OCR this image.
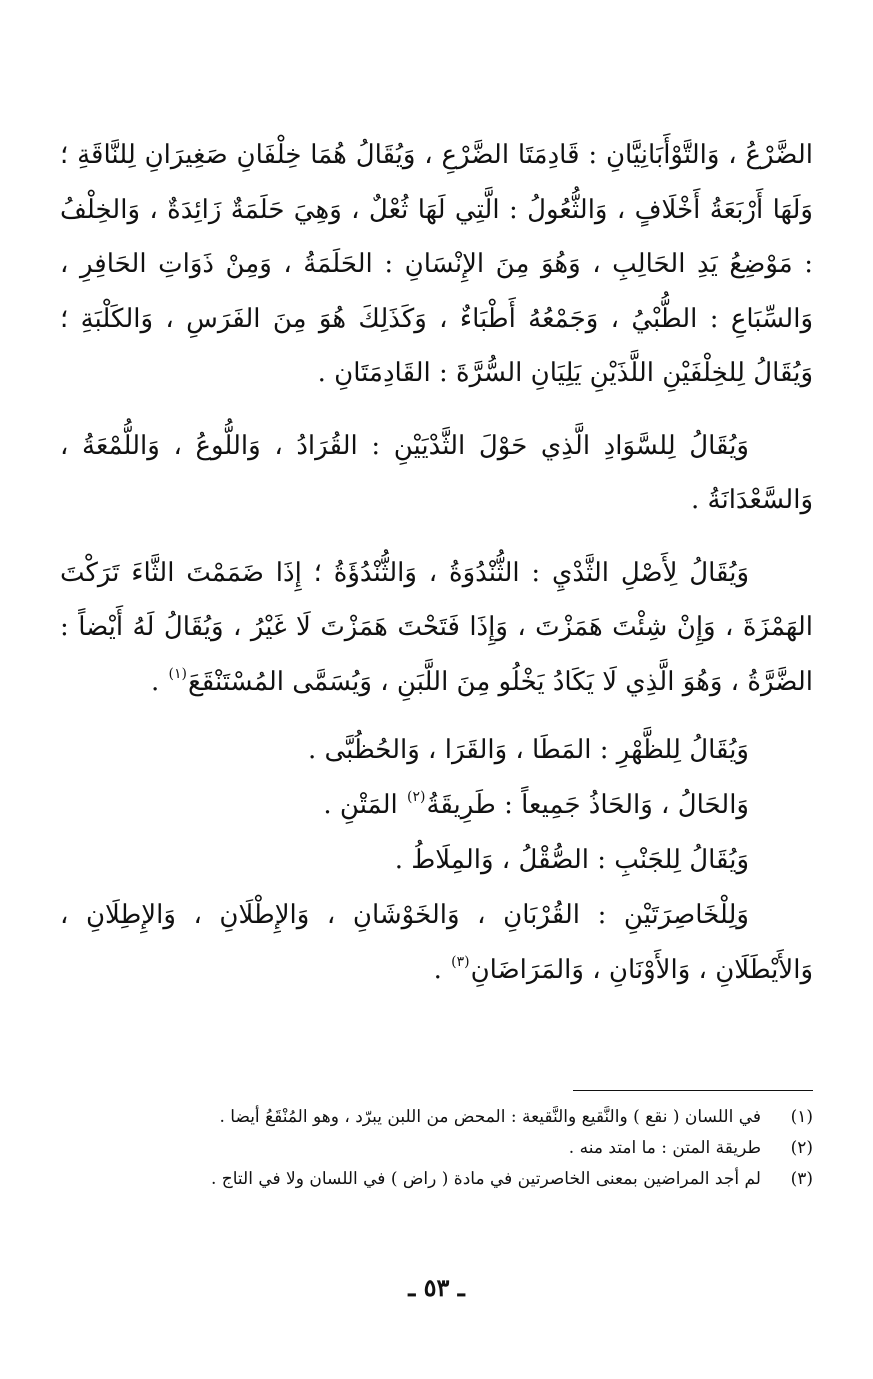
الضَّرْعُ ، وَالتَّوْأَبَانِيَّانِ : قَادِمَتَا الضَّرْعِ ، وَيُقَالُ هُمَا خِلْفَانِ صَغِيرَانِ لِلنَّاقَةِ ؛ وَلَهَا أَرْبَعَةُ أَخْلَافٍ ، وَالثُّعُولُ : الَّتِي لَهَا ثُعْلٌ ، وَهِيَ حَلَمَةٌ زَائِدَةٌ ، وَالخِلْفُ : مَوْضِعُ يَدِ الحَالِبِ ، وَهُوَ مِنَ الإِنْسَانِ : الحَلَمَةُ ، وَمِنْ ذَوَاتِ الحَافِرِ ، وَالسِّبَاعِ : الطُّبْيُ ، وَجَمْعُهُ أَطْبَاءٌ ، وَكَذَلِكَ هُوَ مِنَ الفَرَسِ ، وَالكَلْبَةِ ؛ وَيُقَالُ لِلخِلْفَيْنِ اللَّذَيْنِ يَلِيَانِ السُّرَّةَ : القَادِمَتَانِ .

وَيُقَالُ لِلسَّوَادِ الَّذِي حَوْلَ الثَّدْيَيْنِ : القُرَادُ ، وَاللُّوعُ ، وَاللُّمْعَةُ ، وَالسَّعْدَانَةُ .

وَيُقَالُ لِأَصْلِ الثَّدْيِ : الثُّنْدُوَةُ ، وَالثُّنْدُؤَةُ ؛ إِذَا ضَمَمْتَ الثَّاءَ تَرَكْتَ الهَمْزَةَ ، وَإِنْ شِئْتَ هَمَزْتَ ، وَإِذَا فَتَحْتَ هَمَزْتَ لَا غَيْرُ ، وَيُقَالُ لَهُ أَيْضاً : الضَّرَّةُ ، وَهُوَ الَّذِي لَا يَكَادُ يَخْلُو مِنَ اللَّبَنِ ، وَيُسَمَّى المُسْتَنْقَعَ$^{(١)}$ .

وَيُقَالُ لِلظَّهْرِ : المَطَا ، وَالقَرَا ، وَالحُظُبَّى .

وَالحَالُ ، وَالحَاذُ جَمِيعاً : طَرِيقَةُ$^{(٢)}$ المَتْنِ .

وَيُقَالُ لِلجَنْبِ : الصُّقْلُ ، وَالمِلَاطُ .

وَلِلْخَاصِرَتَيْنِ : القُرْبَانِ ، وَالخَوْشَانِ ، وَالإِطْلَانِ ، وَالإِطِلَانِ ، وَالأَيْطَلَانِ ، وَالأَوْنَانِ ، وَالمَرَاضَانِ$^{(٣)}$ .

(١)
في اللسان ( نقع ) والنَّقيع والنَّقيعة : المحض من اللبن يبرّد ، وهو المُنْقَعُ أيضا .
(٢)
طريقة المتن : ما امتد منه .
(٣)
لم أجد المراضين بمعنى الخاصرتين في مادة ( راض ) في اللسان ولا في التاج .
ـ ٥٣ ـ
